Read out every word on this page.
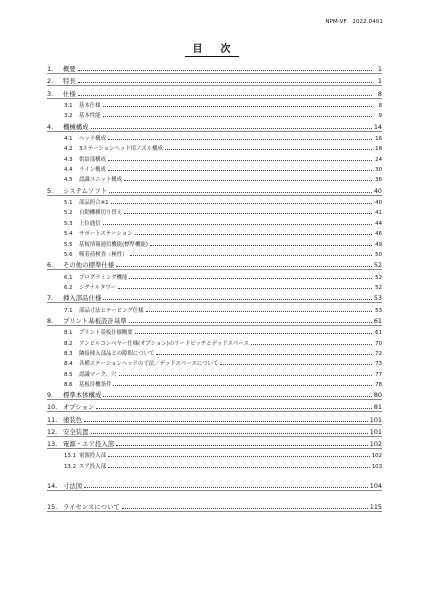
NPM-VF　2022.0401
目　次
1.	概要	1
2.	特長	1
3.	仕様	8
3.1	基本仕様	8
3.2	基本性能	9
4.	機械構成	14
4.1	ヘッド構成	16
4.2	3ステーションヘッド用ノズル構成	18
4.3	供給部構成	24
4.4	ライン構成	30
4.5	認識ユニット構成	36
5.	システムソフト	40
5.1	部品照合※1	40
5.2	自動機種切り替え	41
5.3	上位通信	44
5.4	サポートステーション	46
5.5	基板情報通信機能(標準機能)	49
5.6	吸着前検査（極性）	50
6.	その他の標準仕様	52
6.1	プログラミング機能	52
6.2	シグナルタワー	52
7.	挿入部品仕様	53
7.1	部品寸法とテーピング仕様	53
8.	プリント基板設計基準	61
8.1	プリント基板仕様概要	61
8.2	アンビルコンベヤー仕様(オプション)のリードピッチとデッドスペース	70
8.3	隣接挿入部品との隙間について	72
8.4	各種ステーションヘッドの寸法／デッドスペースについて	73
8.5	認識マーク、穴	77
8.6	基板待機条件	78
9.	標準本体構成	80
10. オプション	81
11. 塗装色	101
12. 安全装置	101
13. 電源・エア投入部	102
13.1 電源投入部	102
13.2 エア投入部	103
14. 寸法図	104
15. ライセンスについて	115
